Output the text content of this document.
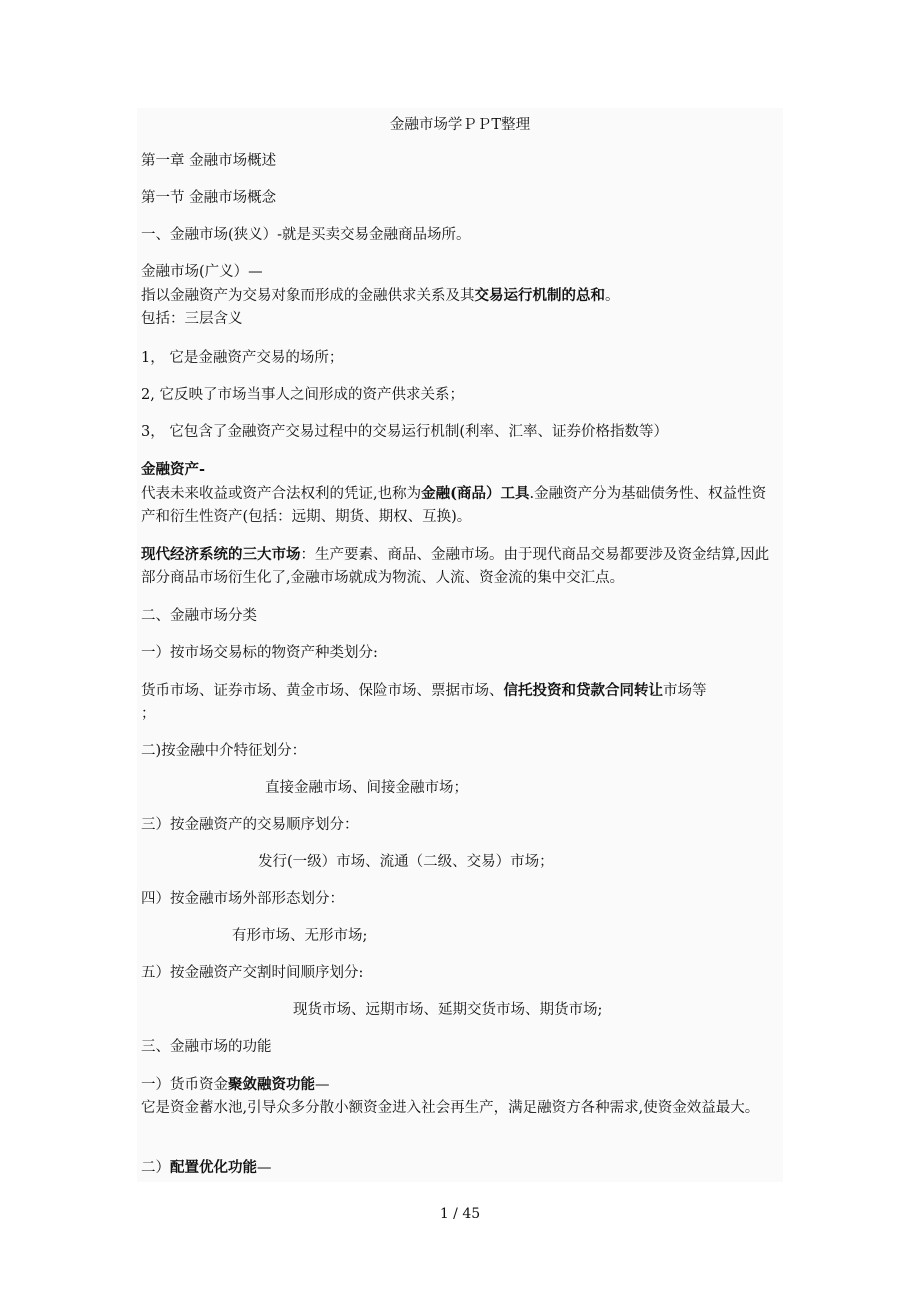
金融市场学ＰＰT整理
第一章 金融市场概述
第一节 金融市场概念
一、金融市场(狭义）-就是买卖交易金融商品场所。

金融市场(广义）—

指以金融资产为交易对象而形成的金融供求关系及其交易运行机制的总和。

包括：三层含义

1， 它是金融资产交易的场所；
2, 它反映了市场当事人之间形成的资产供求关系；
3， 它包含了金融资产交易过程中的交易运行机制(利率、汇率、证券价格指数等）

金融资产-

代表未来收益或资产合法权利的凭证,也称为金融(商品）工具.金融资产分为基础债务性、权益性资产和衍生性资产(包括：远期、期货、期权、互换)。

现代经济系统的三大市场：生产要素、商品、金融市场。由于现代商品交易都要涉及资金结算,因此部分商品市场衍生化了,金融市场就成为物流、人流、资金流的集中交汇点。

二、金融市场分类
一）按市场交易标的物资产种类划分:

货币市场、证券市场、黄金市场、保险市场、票据市场、信托投资和贷款合同转让市场等

；

二)按金融中介特征划分：
直接金融市场、间接金融市场；
三）按金融资产的交易顺序划分：
发行(一级）市场、流通（二级、交易）市场；
四）按金融市场外部形态划分：
有形市场、无形市场;
五）按金融资产交割时间顺序划分:
现货市场、远期市场、延期交货市场、期货市场;
三、金融市场的功能

一）货币资金聚敛融资功能—

它是资金蓄水池,引导众多分散小额资金进入社会再生产，满足融资方各种需求,使资金效益最大。

二）配置优化功能—
1 / 45
